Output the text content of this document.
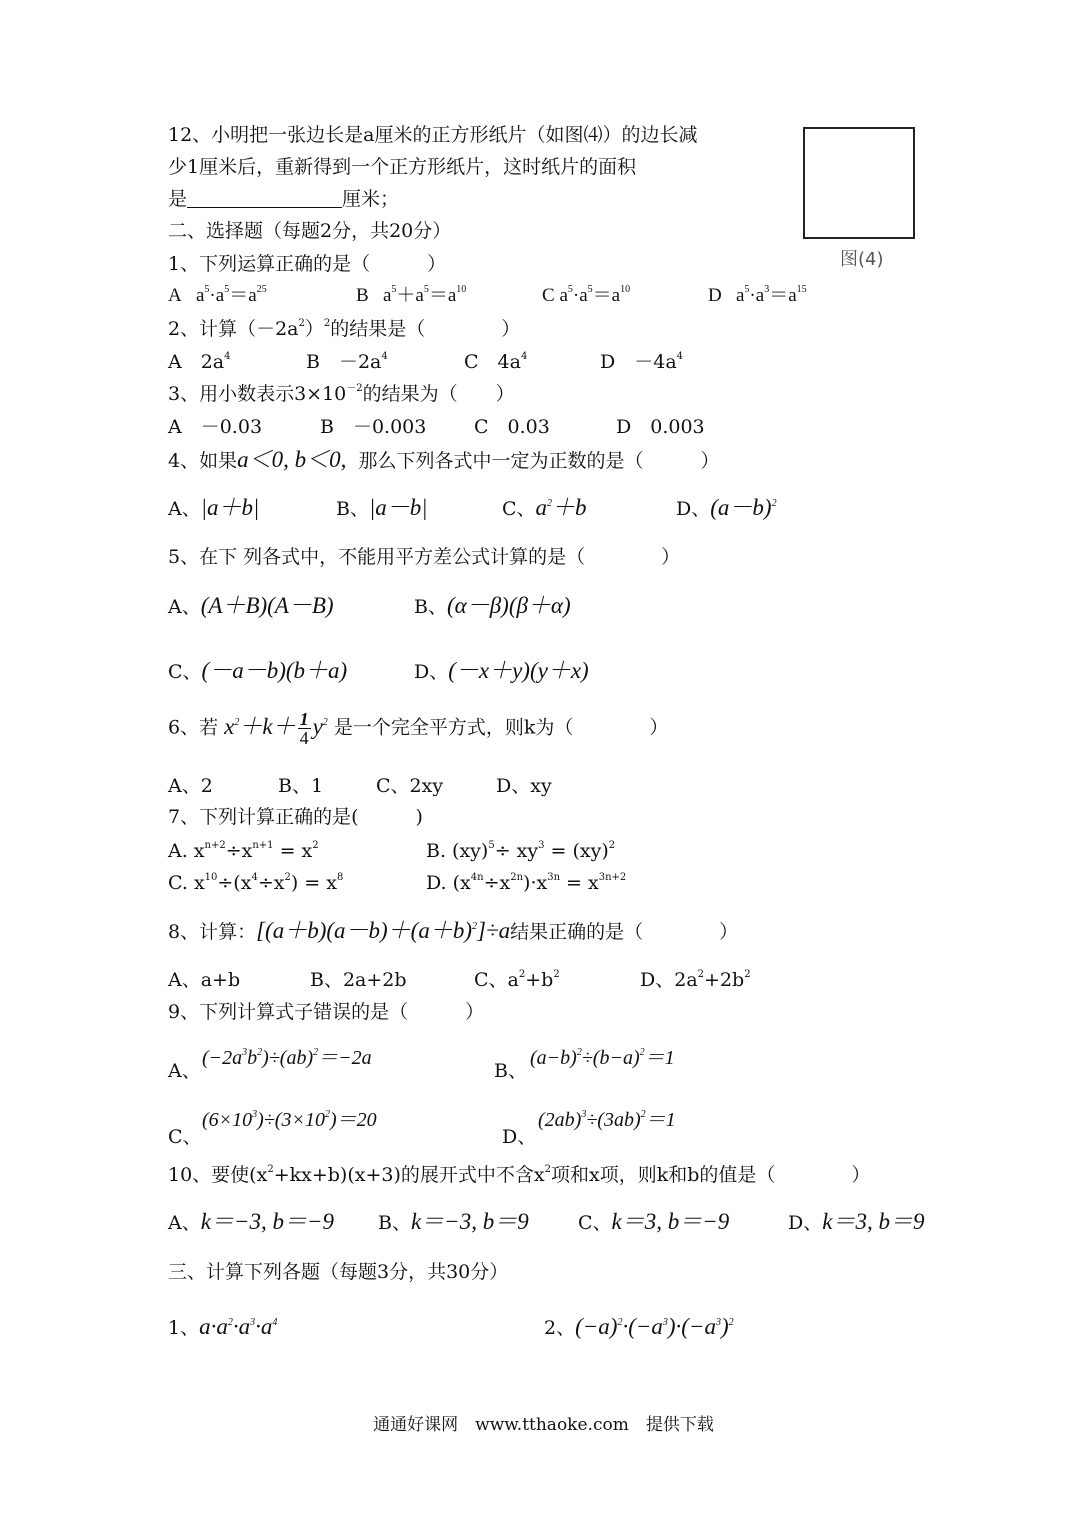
12、小明把一张边长是a厘米的正方形纸片（如图⑷）的边长减
少1厘米后，重新得到一个正方形纸片，这时纸片的面积
是	厘米；
图(4)
二、选择题（每题2分，共20分）
1、下列运算正确的是（　　　）
A $a^5\cdot a^5=a^{25}$	B $a^5+a^5=a^{10}$	C $a^5\cdot a^5=a^{10}$	D $a^5\cdot a^3=a^{15}$
2、计算$(-2a^2)^2$的结果是（　　　　）
A　$2a^4$	B　$-2a^4$	C　$4a^4$	D　$-4a^4$
3、用小数表示$3\times 10^{-2}$的结果为（　　）
A　－0.03	B　－0.003	C　0.03	D　0.003
4、如果a＜0, b＜0, 那么下列各式中一定为正数的是（　　　）
A、|a＋b|	B、|a－b|	C、$a^2+b$	D、$(a-b)^2$
5、在下 列各式中，不能用平方差公式计算的是（　　　　）
A、(A＋B)(A－B)	B、(α－β)(β＋α)
C、(－a－b)(b＋a)	D、(－x＋y)(y＋x)
6、若 $x^2+k+ \frac{1}{4} y^2$ 是一个完全平方式，则k为（　　　　）
A、2	B、1	C、2xy	D、xy
7、下列计算正确的是(　　　)
A. $x^{n+2}\div x^{n+1} = x^2$	B. $(xy)^5\div xy^3 = (xy)^2$
C. $x^{10}\div(x^4\div x^2) = x^8$	D. $(x^{4n}\div x^{2n})\cdot x^{3n} = x^{3n+2}$
8、计算：$[(a+b)(a-b)+(a+b)^2]\div a$结果正确的是（　　　　）
A、a+b	B、2a+2b	C、$a^2+b^2$	D、$2a^2+2b^2$
9、下列计算式子错误的是（　　　）
A、
$(-2a^3b^2)\div(ab)^2=-2a$
B、
$(a-b)^2\div(b-a)^2=1$
C、
$(6\times 10^3)\div(3\times 10^2)=20$
D、
$(2ab)^3\div(3ab)^2=1$
10、要使$(x^2+kx+b)(x+3)$的展开式中不含$x^2$项和x项，则k和b的值是（　　　　）
A、k＝−3, b＝−9 B、k＝−3, b＝9	C、k＝3, b＝−9	D、k＝3, b＝9
三、计算下列各题（每题3分，共30分）
1、$a\cdot a^2\cdot a^3\cdot a^4$	2、$(-a)^2\cdot(-a^3)\cdot(-a^3)^2$
通通好课网　www.tthaoke.com　提供下载
